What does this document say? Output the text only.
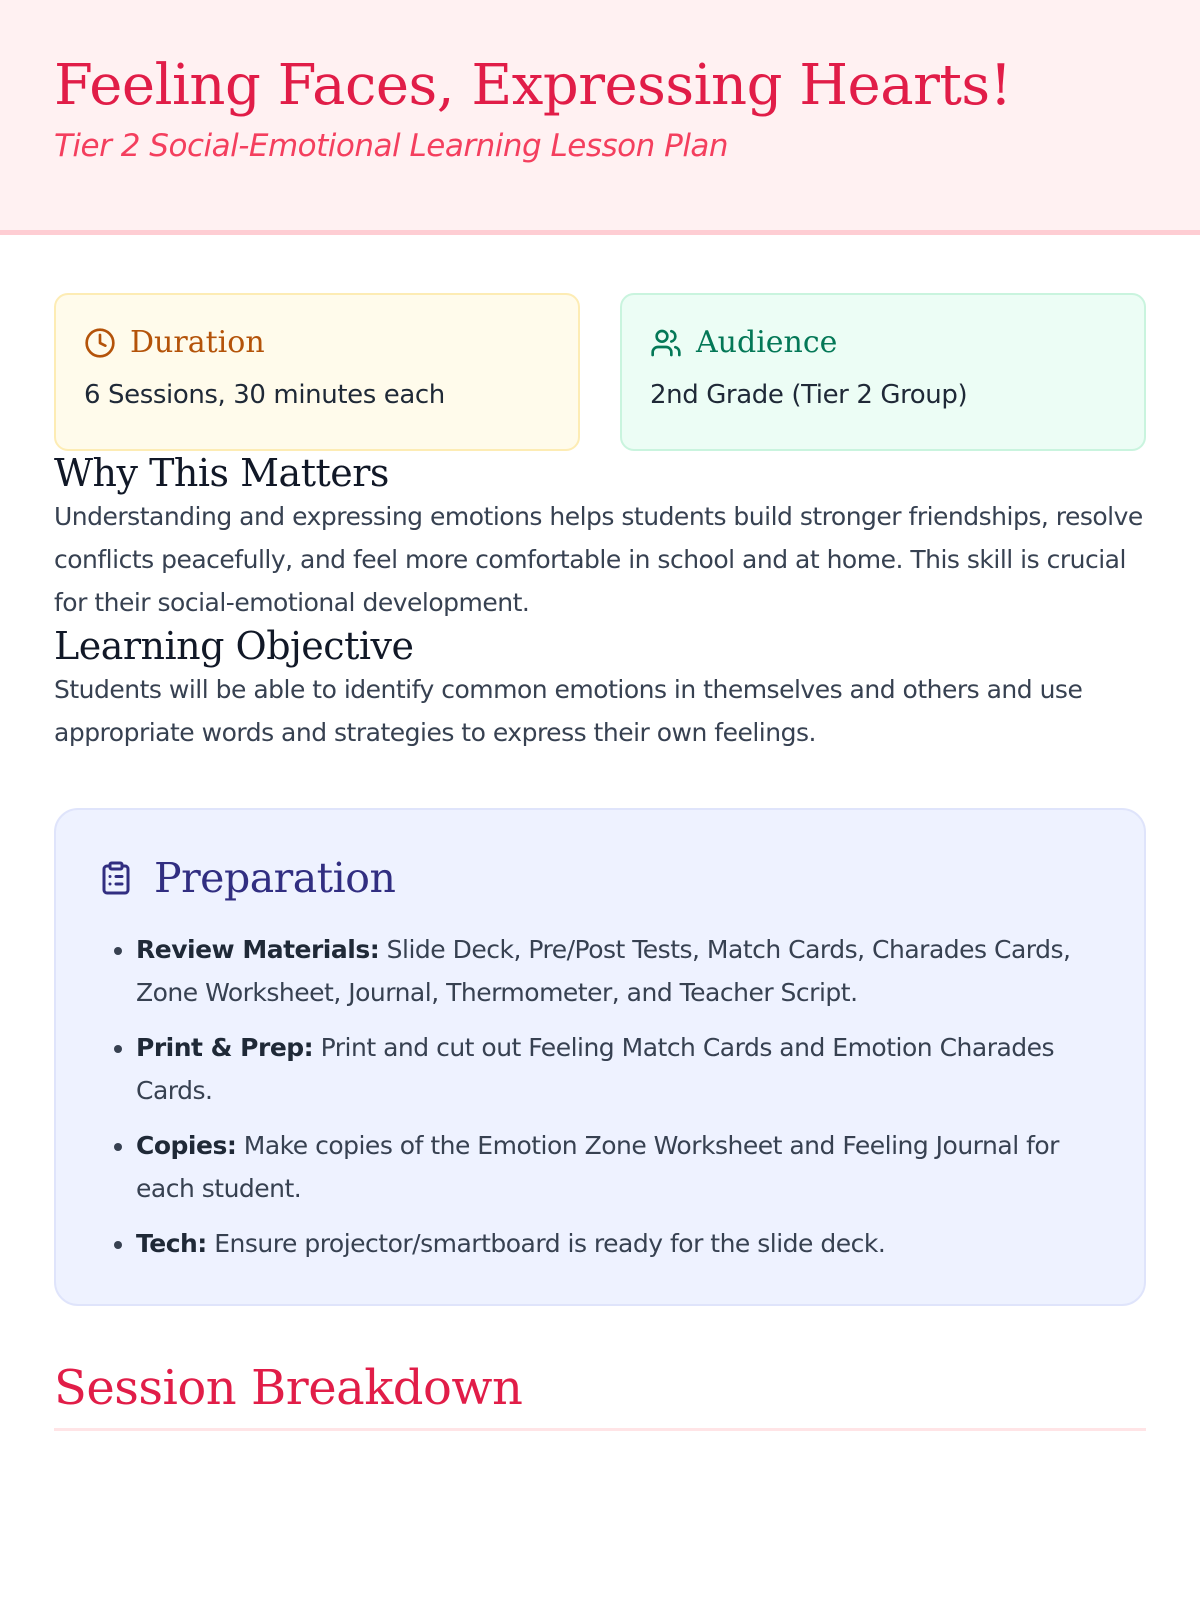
Feeling Faces, Expressing Hearts!
Tier 2 Social-Emotional Learning Lesson Plan
Duration
6 Sessions, 30 minutes each
Audience
2nd Grade (Tier 2 Group)
Why This Matters

Understanding and expressing emotions helps students build stronger friendships, resolve conflicts peacefully, and feel more comfortable in school and at home. This skill is crucial for their social-emotional development.

Learning Objective

Students will be able to identify common emotions in themselves and others and use appropriate words and strategies to express their own feelings.

Preparation
• Review Materials: Slide Deck, Pre/Post Tests, Match Cards, Charades Cards, Zone Worksheet, Journal, Thermometer, and Teacher Script.
• Print & Prep: Print and cut out Feeling Match Cards and Emotion Charades Cards.
• Copies: Make copies of the Emotion Zone Worksheet and Feeling Journal for each student.
• Tech: Ensure projector/smartboard is ready for the slide deck.
Session Breakdown
